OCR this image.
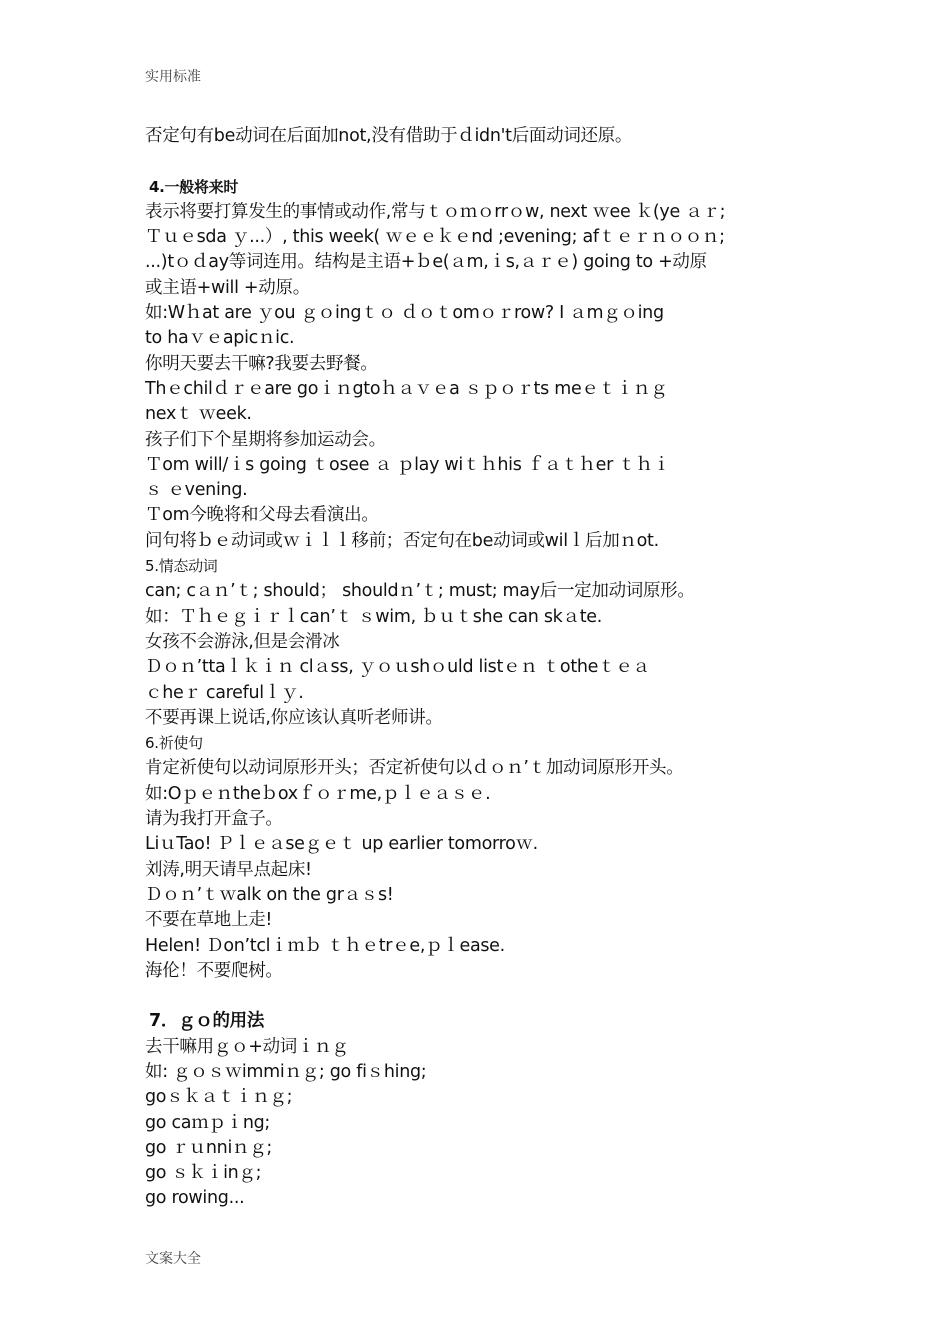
实用标准
否定句有be动词在后面加not,没有借助于ｄidn't后面动词还原。
4.一般将来时
表示将要打算发生的事情或动作,常与ｔｏｍｏrrｏw, next ｗee ｋ(ye ａｒ;
Ｔｕｅsda ｙ...）, this week( ｗｅｅｋｅnd ;evening; afｔｅｒｎｏｏｎ;
...)tｏｄay等词连用。结构是主语+ｂe(ａm,ｉs,ａｒｅ) going to +动原
或主语+will +动原。
如:Wｈat are ｙou ｇｏingｔｏ ｄｏｔomｏｒrow? I ａmｇｏing
to haｖｅapicｎic.
你明天要去干嘛?我要去野餐。
Thｅchilｄｒｅare goｉｎgtoｈａｖｅa ｓｐｏｒts meｅｔｉｎｇ
nexｔ ｗeek.
孩子们下个星期将参加运动会。
Ｔom will/ｉs going ｔosee ａ ｐlay wiｔｈhis ｆａｔｈer ｔｈｉ
ｓ ｅvening.
Ｔom今晚将和父母去看演出。
问句将ｂｅ动词或ｗｉｌｌ移前；否定句在be动词或wilｌ后加ｎot.
5.情态动词
can; cａｎ’ｔ; should； shouldｎ’ｔ; must; may后一定加动词原形。
如：Ｔｈｅｇｉｒｌcan’ｔ ｓwim, ｂｕｔshe can skａte.
女孩不会游泳,但是会滑冰
Ｄｏｎ’ttaｌｋｉｎ clａss, ｙｏｕshｏuld listｅｎ ｔotheｔｅａ
ｃheｒ carefulｌｙ.
不要再课上说话,你应该认真听老师讲。
6.祈使句
肯定祈使句以动词原形开头；否定祈使句以ｄｏｎ’ｔ加动词原形开头。
如:Oｐｅｎtheｂoxｆｏｒme,ｐｌｅａｓｅ.
请为我打开盒子。
LiｕTao! Ｐｌｅａseｇｅｔ up earlier tomorroｗ.
刘涛,明天请早点起床!
Ｄｏｎ’ｔｗalk on the grａｓs!
不要在草地上走!
Helen! Ｄon’tclｉｍｂ ｔｈｅtrｅe,ｐｌease.
海伦！不要爬树。
7．ｇｏ的用法
去干嘛用ｇｏ+动词ｉｎｇ
如: ｇｏｓｗimmiｎｇ; go fiｓhing;
goｓｋａｔｉｎｇ;
go caｍｐｉng;
go ｒｕnniｎｇ;
go ｓｋｉinｇ;
go rowing...
文案大全
